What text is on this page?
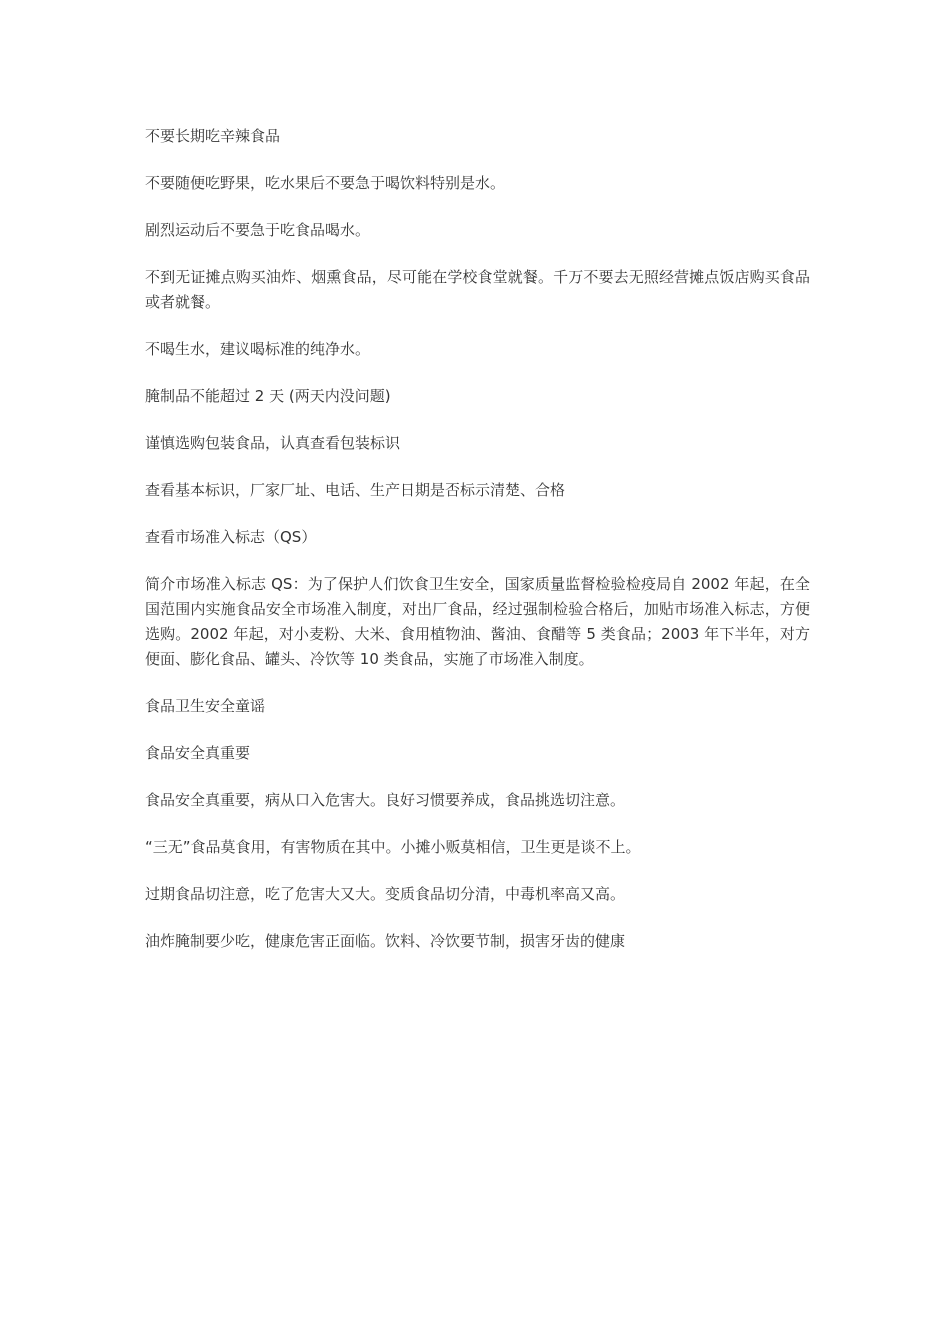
不要长期吃辛辣食品

不要随便吃野果，吃水果后不要急于喝饮料特别是水。

剧烈运动后不要急于吃食品喝水。

不到无证摊点购买油炸、烟熏食品，尽可能在学校食堂就餐。千万不要去无照经营摊点饭店购买食品或者就餐。

不喝生水，建议喝标准的纯净水。

腌制品不能超过 2 天 (两天内没问题)

谨慎选购包装食品，认真查看包装标识

查看基本标识，厂家厂址、电话、生产日期是否标示清楚、合格

查看市场准入标志（QS）

简介市场准入标志 QS：为了保护人们饮食卫生安全，国家质量监督检验检疫局自 2002 年起，在全国范围内实施食品安全市场准入制度，对出厂食品，经过强制检验合格后，加贴市场准入标志，方便选购。2002 年起，对小麦粉、大米、食用植物油、酱油、食醋等 5 类食品；2003 年下半年，对方便面、膨化食品、罐头、冷饮等 10 类食品，实施了市场准入制度。

食品卫生安全童谣

食品安全真重要

食品安全真重要，病从口入危害大。良好习惯要养成，食品挑选切注意。

“三无”食品莫食用，有害物质在其中。小摊小贩莫相信，卫生更是谈不上。

过期食品切注意，吃了危害大又大。变质食品切分清，中毒机率高又高。

油炸腌制要少吃，健康危害正面临。饮料、冷饮要节制，损害牙齿的健康
